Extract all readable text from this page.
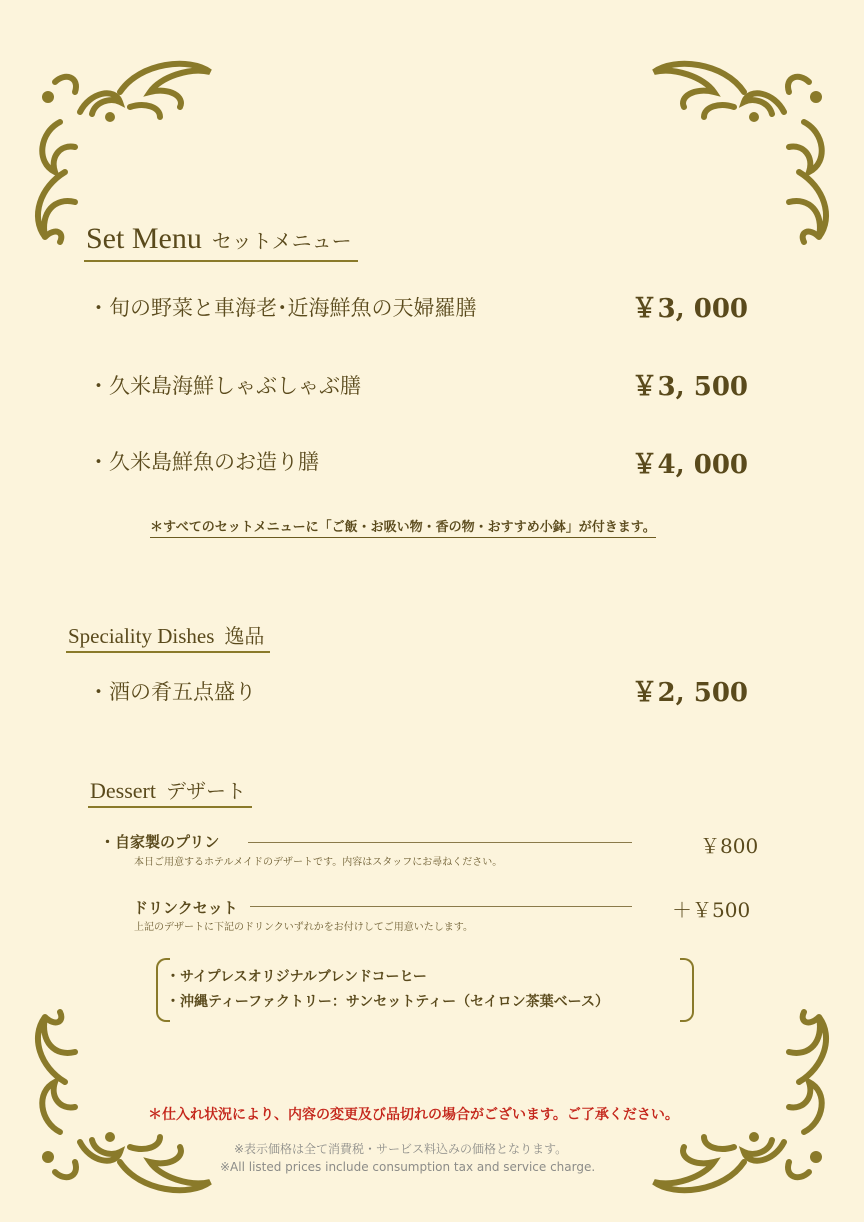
Set Menu セットメニュー
・旬の野菜と車海老･近海鮮魚の天婦羅膳	￥3, 000
・久米島海鮮しゃぶしゃぶ膳	￥3, 500
・久米島鮮魚のお造り膳	￥4, 000
＊すべてのセットメニューに「ご飯・お吸い物・香の物・おすすめ小鉢」が付きます。
Speciality Dishes 逸品
・酒の肴五点盛り	￥2, 500
Dessert デザート
・自家製のプリン	￥800
本日ご用意するホテルメイドのデザートです。内容はスタッフにお尋ねください。
ドリンクセット	＋￥500
上記のデザートに下記のドリンクいずれかをお付けしてご用意いたします。
・サイプレスオリジナルブレンドコーヒー
・沖縄ティーファクトリー：サンセットティー（セイロン茶葉ベース）
＊仕入れ状況により、内容の変更及び品切れの場合がございます。ご了承ください。
※表示価格は全て消費税・サービス料込みの価格となります。
※All listed prices include consumption tax and service charge.
